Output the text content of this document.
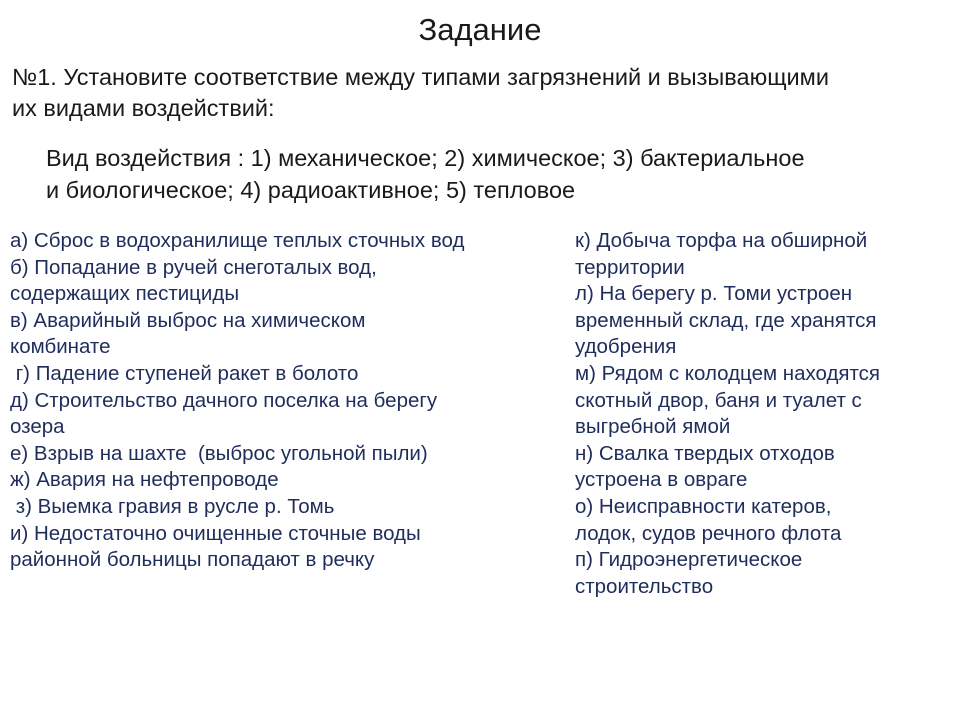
Задание
№1. Установите соответствие между типами загрязнений и вызывающими
их видами воздействий:
Вид воздействия : 1) механическое; 2) химическое; 3) бактериальное
и биологическое; 4) радиоактивное; 5) тепловое
а) Сброс в водохранилище теплых сточных вод
б) Попадание в ручей снеготалых вод,
содержащих пестициды
в) Аварийный выброс на химическом
комбинате
г) Падение ступеней ракет в болото
д) Строительство дачного поселка на берегу
озера
е) Взрыв на шахте  (выброс угольной пыли)
ж) Авария на нефтепроводе
з) Выемка гравия в русле р. Томь
и) Недостаточно очищенные сточные воды
районной больницы попадают в речку
к) Добыча торфа на обширной
территории
л) На берегу р. Томи устроен
временный склад, где хранятся
удобрения
м) Рядом с колодцем находятся
скотный двор, баня и туалет с
выгребной ямой
н) Свалка твердых отходов
устроена в овраге
о) Неисправности катеров,
лодок, судов речного флота
п) Гидроэнергетическое
строительство
